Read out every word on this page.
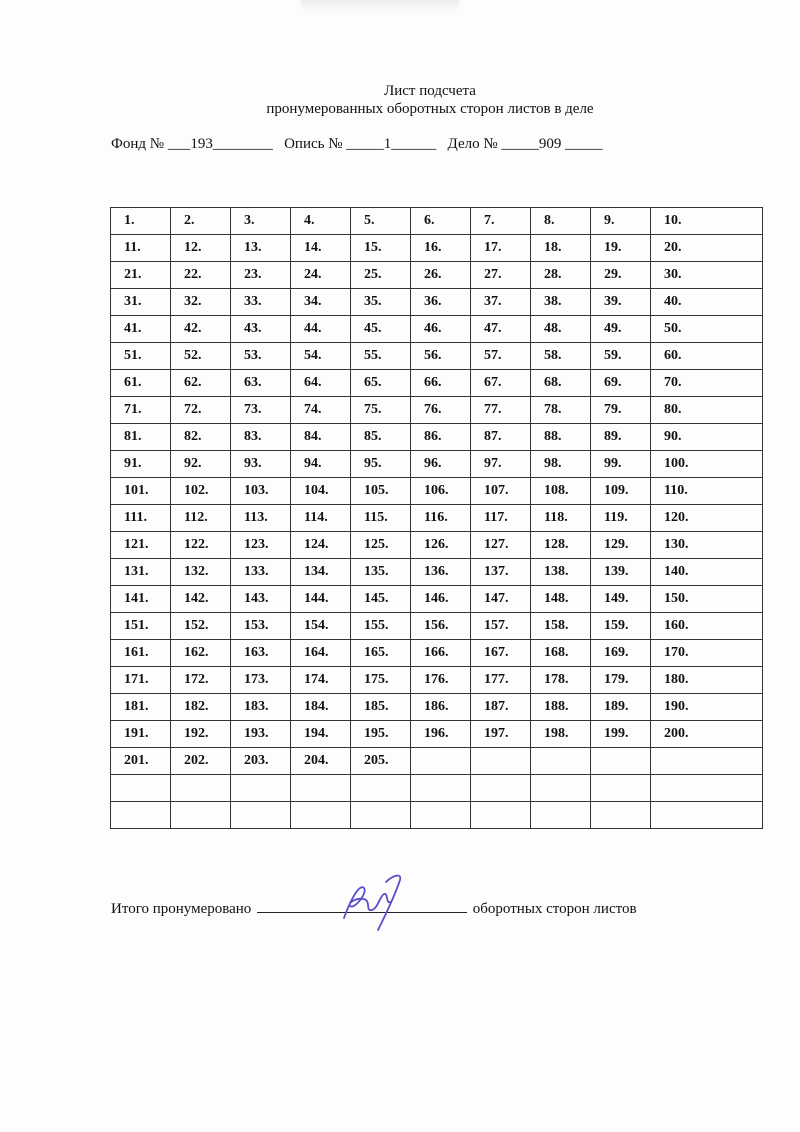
Лист подсчета
пронумерованных оборотных сторон листов в деле
Фонд № ___193________   Опись № _____1______   Дело № _____909 _____
1.	2.	3.	4.	5.	6.	7.	8.	9.	10.
11.	12.	13.	14.	15.	16.	17.	18.	19.	20.
21.	22.	23.	24.	25.	26.	27.	28.	29.	30.
31.	32.	33.	34.	35.	36.	37.	38.	39.	40.
41.	42.	43.	44.	45.	46.	47.	48.	49.	50.
51.	52.	53.	54.	55.	56.	57.	58.	59.	60.
61.	62.	63.	64.	65.	66.	67.	68.	69.	70.
71.	72.	73.	74.	75.	76.	77.	78.	79.	80.
81.	82.	83.	84.	85.	86.	87.	88.	89.	90.
91.	92.	93.	94.	95.	96.	97.	98.	99.	100.
101.	102.	103.	104.	105.	106.	107.	108.	109.	110.
111.	112.	113.	114.	115.	116.	117.	118.	119.	120.
121.	122.	123.	124.	125.	126.	127.	128.	129.	130.
131.	132.	133.	134.	135.	136.	137.	138.	139.	140.
141.	142.	143.	144.	145.	146.	147.	148.	149.	150.
151.	152.	153.	154.	155.	156.	157.	158.	159.	160.
161.	162.	163.	164.	165.	166.	167.	168.	169.	170.
171.	172.	173.	174.	175.	176.	177.	178.	179.	180.
181.	182.	183.	184.	185.	186.	187.	188.	189.	190.
191.	192.	193.	194.	195.	196.	197.	198.	199.	200.
201.	202.	203.	204.	205.					

Итого пронумеровано	оборотных сторон листов
